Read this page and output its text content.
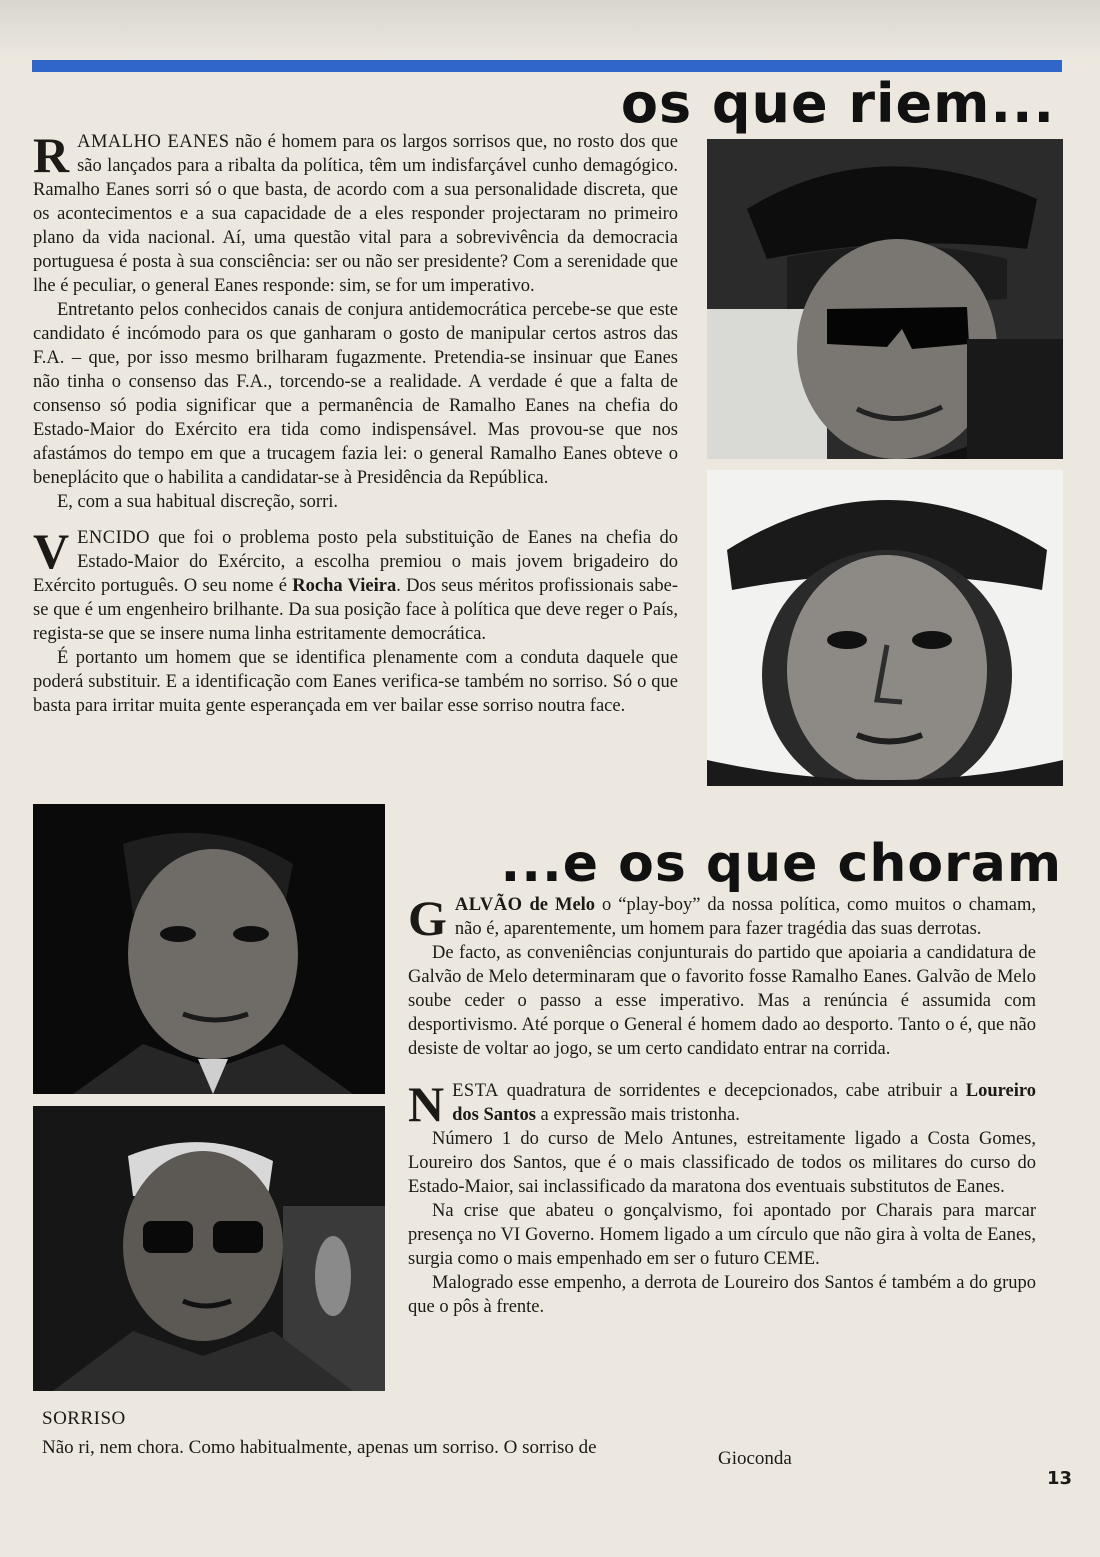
os que riem...

RAMALHO EANES não é homem para os largos sorrisos que, no rosto dos que são lançados para a ribalta da política, têm um indisfarçável cunho demagógico. Ramalho Eanes sorri só o que basta, de acordo com a sua personalidade discreta, que os acontecimentos e a sua capacidade de a eles responder projectaram no primeiro plano da vida nacional. Aí, uma questão vital para a sobrevivência da democracia portuguesa é posta à sua consciência: ser ou não ser presidente? Com a serenidade que lhe é peculiar, o general Eanes responde: sim, se for um imperativo.

Entretanto pelos conhecidos canais de conjura antidemocrática percebe-se que este candidato é incómodo para os que ganharam o gosto de manipular certos astros das F.A. – que, por isso mesmo brilharam fugazmente. Pretendia-se insinuar que Eanes não tinha o consenso das F.A., torcendo-se a realidade. A verdade é que a falta de consenso só podia significar que a permanência de Ramalho Eanes na chefia do Estado-Maior do Exército era tida como indispensável. Mas provou-se que nos afastámos do tempo em que a trucagem fazia lei: o general Ramalho Eanes obteve o beneplácito que o habilita a candidatar-se à Presidência da República.

E, com a sua habitual discreção, sorri.

VENCIDO que foi o problema posto pela substituição de Eanes na chefia do Estado-Maior do Exército, a escolha premiou o mais jovem brigadeiro do Exército português. O seu nome é Rocha Vieira. Dos seus méritos profissionais sabe-se que é um engenheiro brilhante. Da sua posição face à política que deve reger o País, regista-se que se insere numa linha estritamente democrática.

É portanto um homem que se identifica plenamente com a conduta daquele que poderá substituir. E a identificação com Eanes verifica-se também no sorriso. Só o que basta para irritar muita gente esperançada em ver bailar esse sorriso noutra face.

...e os que choram

GALVÃO de Melo o “play-boy” da nossa política, como muitos o chamam, não é, aparentemente, um homem para fazer tragédia das suas derrotas.

De facto, as conveniências conjunturais do partido que apoiaria a candidatura de Galvão de Melo determinaram que o favorito fosse Ramalho Eanes. Galvão de Melo soube ceder o passo a esse imperativo. Mas a renúncia é assumida com desportivismo. Até porque o General é homem dado ao desporto. Tanto o é, que não desiste de voltar ao jogo, se um certo candidato entrar na corrida.

NESTA quadratura de sorridentes e decepcionados, cabe atribuir a Loureiro dos Santos a expressão mais tristonha.

Número 1 do curso de Melo Antunes, estreitamente ligado a Costa Gomes, Loureiro dos Santos, que é o mais classificado de todos os militares do curso do Estado-Maior, sai inclassificado da maratona dos eventuais substitutos de Eanes.

Na crise que abateu o gonçalvismo, foi apontado por Charais para marcar presença no VI Governo. Homem ligado a um círculo que não gira à volta de Eanes, surgia como o mais empenhado em ser o futuro CEME.

Malogrado esse empenho, a derrota de Loureiro dos Santos é também a do grupo que o pôs à frente.

SORRISO
Não ri, nem chora. Como habitualmente, apenas um sorriso. O sorriso de
Gioconda
13
